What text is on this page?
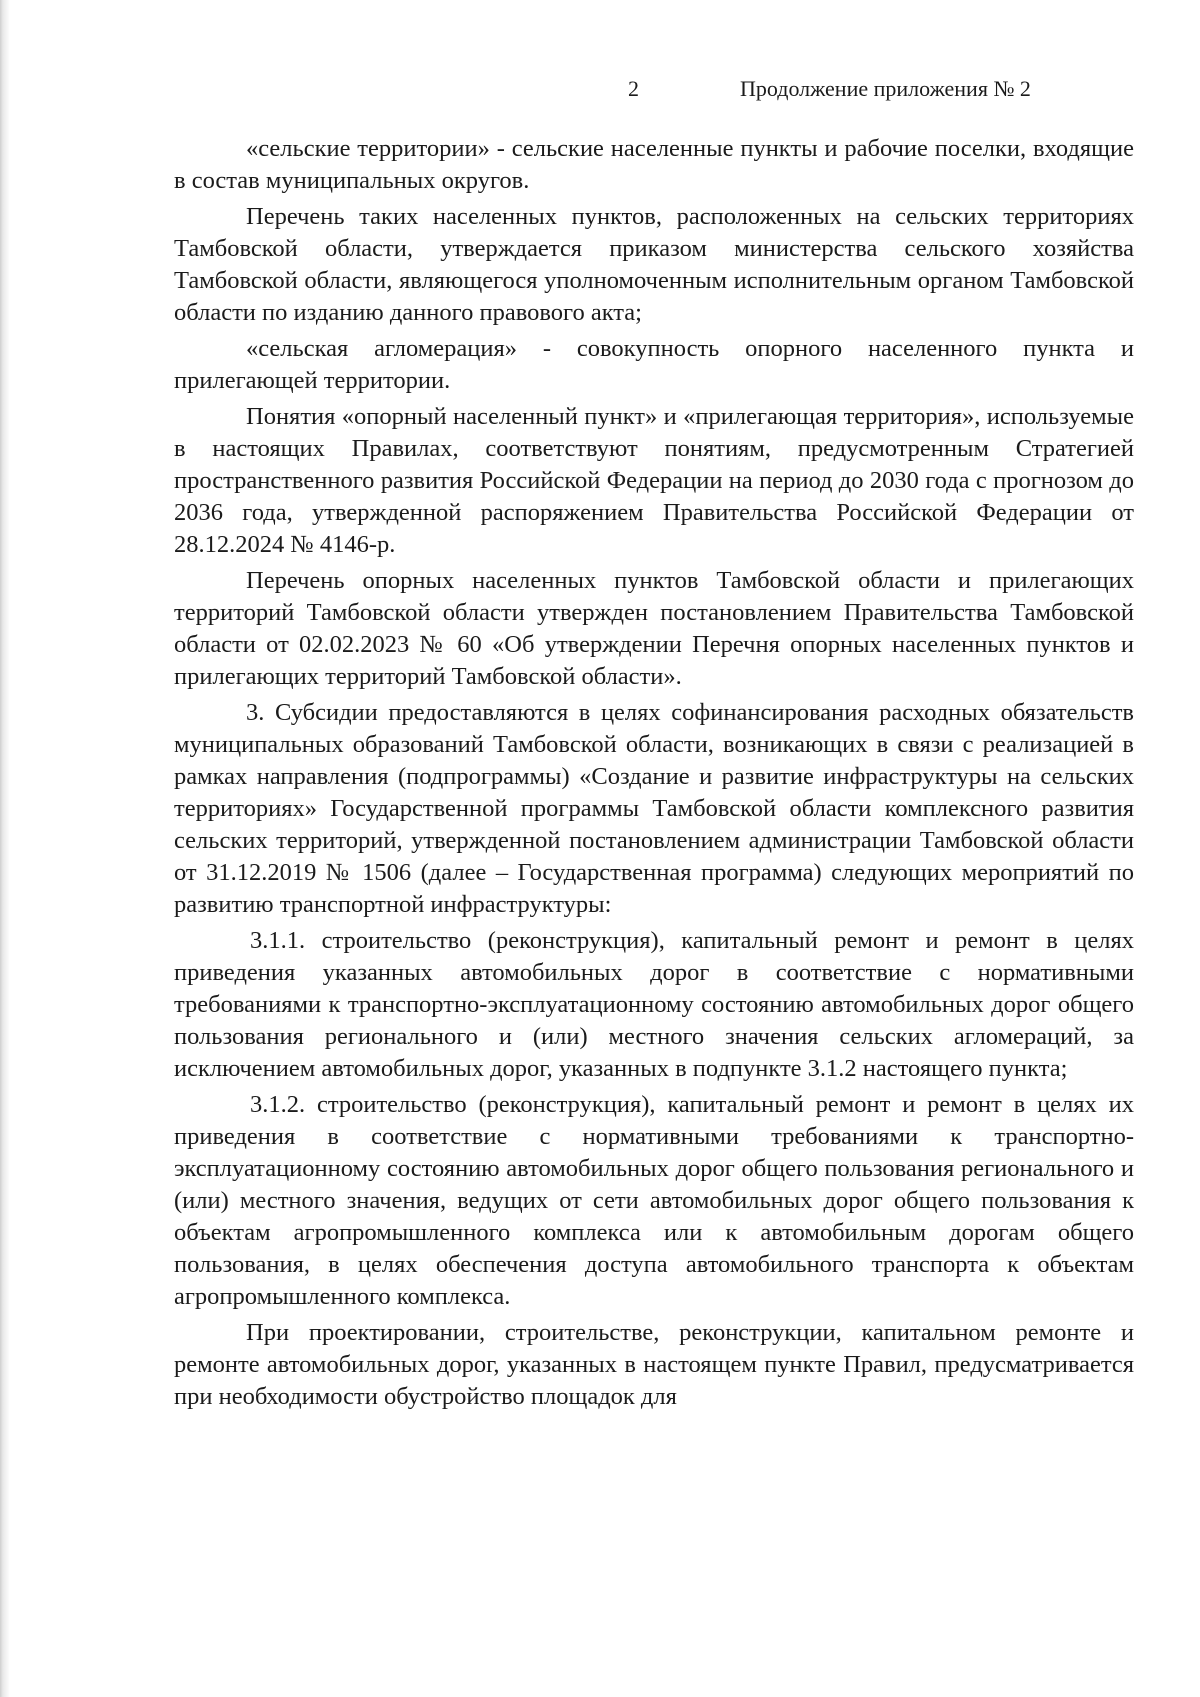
2	Продолжение приложения № 2

«сельские территории» - сельские населенные пункты и рабочие поселки, входящие в состав муниципальных округов.

Перечень таких населенных пунктов, расположенных на сельских территориях Тамбовской области, утверждается приказом министерства сельского хозяйства Тамбовской области, являющегося уполномоченным исполнительным органом Тамбовской области по изданию данного правового акта;

«сельская агломерация» - совокупность опорного населенного пункта и прилегающей территории.

Понятия «опорный населенный пункт» и «прилегающая территория», используемые в настоящих Правилах, соответствуют понятиям, предусмотренным Стратегией пространственного развития Российской Федерации на период до 2030 года с прогнозом до 2036 года, утвержденной распоряжением Правительства Российской Федерации от 28.12.2024 № 4146-р.

Перечень опорных населенных пунктов Тамбовской области и прилегающих территорий Тамбовской области утвержден постановлением Правительства Тамбовской области от 02.02.2023 № 60 «Об утверждении Перечня опорных населенных пунктов и прилегающих территорий Тамбовской области».

3. Субсидии предоставляются в целях софинансирования расходных обязательств муниципальных образований Тамбовской области, возникающих в связи с реализацией в рамках направления (подпрограммы) «Создание и развитие инфраструктуры на сельских территориях» Государственной программы Тамбовской области комплексного развития сельских территорий, утвержденной постановлением администрации Тамбовской области от 31.12.2019 № 1506 (далее – Государственная программа) следующих мероприятий по развитию транспортной инфраструктуры:

3.1.1. строительство (реконструкция), капитальный ремонт и ремонт в целях приведения указанных автомобильных дорог в соответствие с нормативными требованиями к транспортно-эксплуатационному состоянию автомобильных дорог общего пользования регионального и (или) местного значения сельских агломераций, за исключением автомобильных дорог, указанных в подпункте 3.1.2 настоящего пункта;

3.1.2. строительство (реконструкция), капитальный ремонт и ремонт в целях их приведения в соответствие с нормативными требованиями к транспортно-эксплуатационному состоянию автомобильных дорог общего пользования регионального и (или) местного значения, ведущих от сети автомобильных дорог общего пользования к объектам агропромышленного комплекса или к автомобильным дорогам общего пользования, в целях обеспечения доступа автомобильного транспорта к объектам агропромышленного комплекса.

При проектировании, строительстве, реконструкции, капитальном ремонте и ремонте автомобильных дорог, указанных в настоящем пункте Правил, предусматривается при необходимости обустройство площадок для
